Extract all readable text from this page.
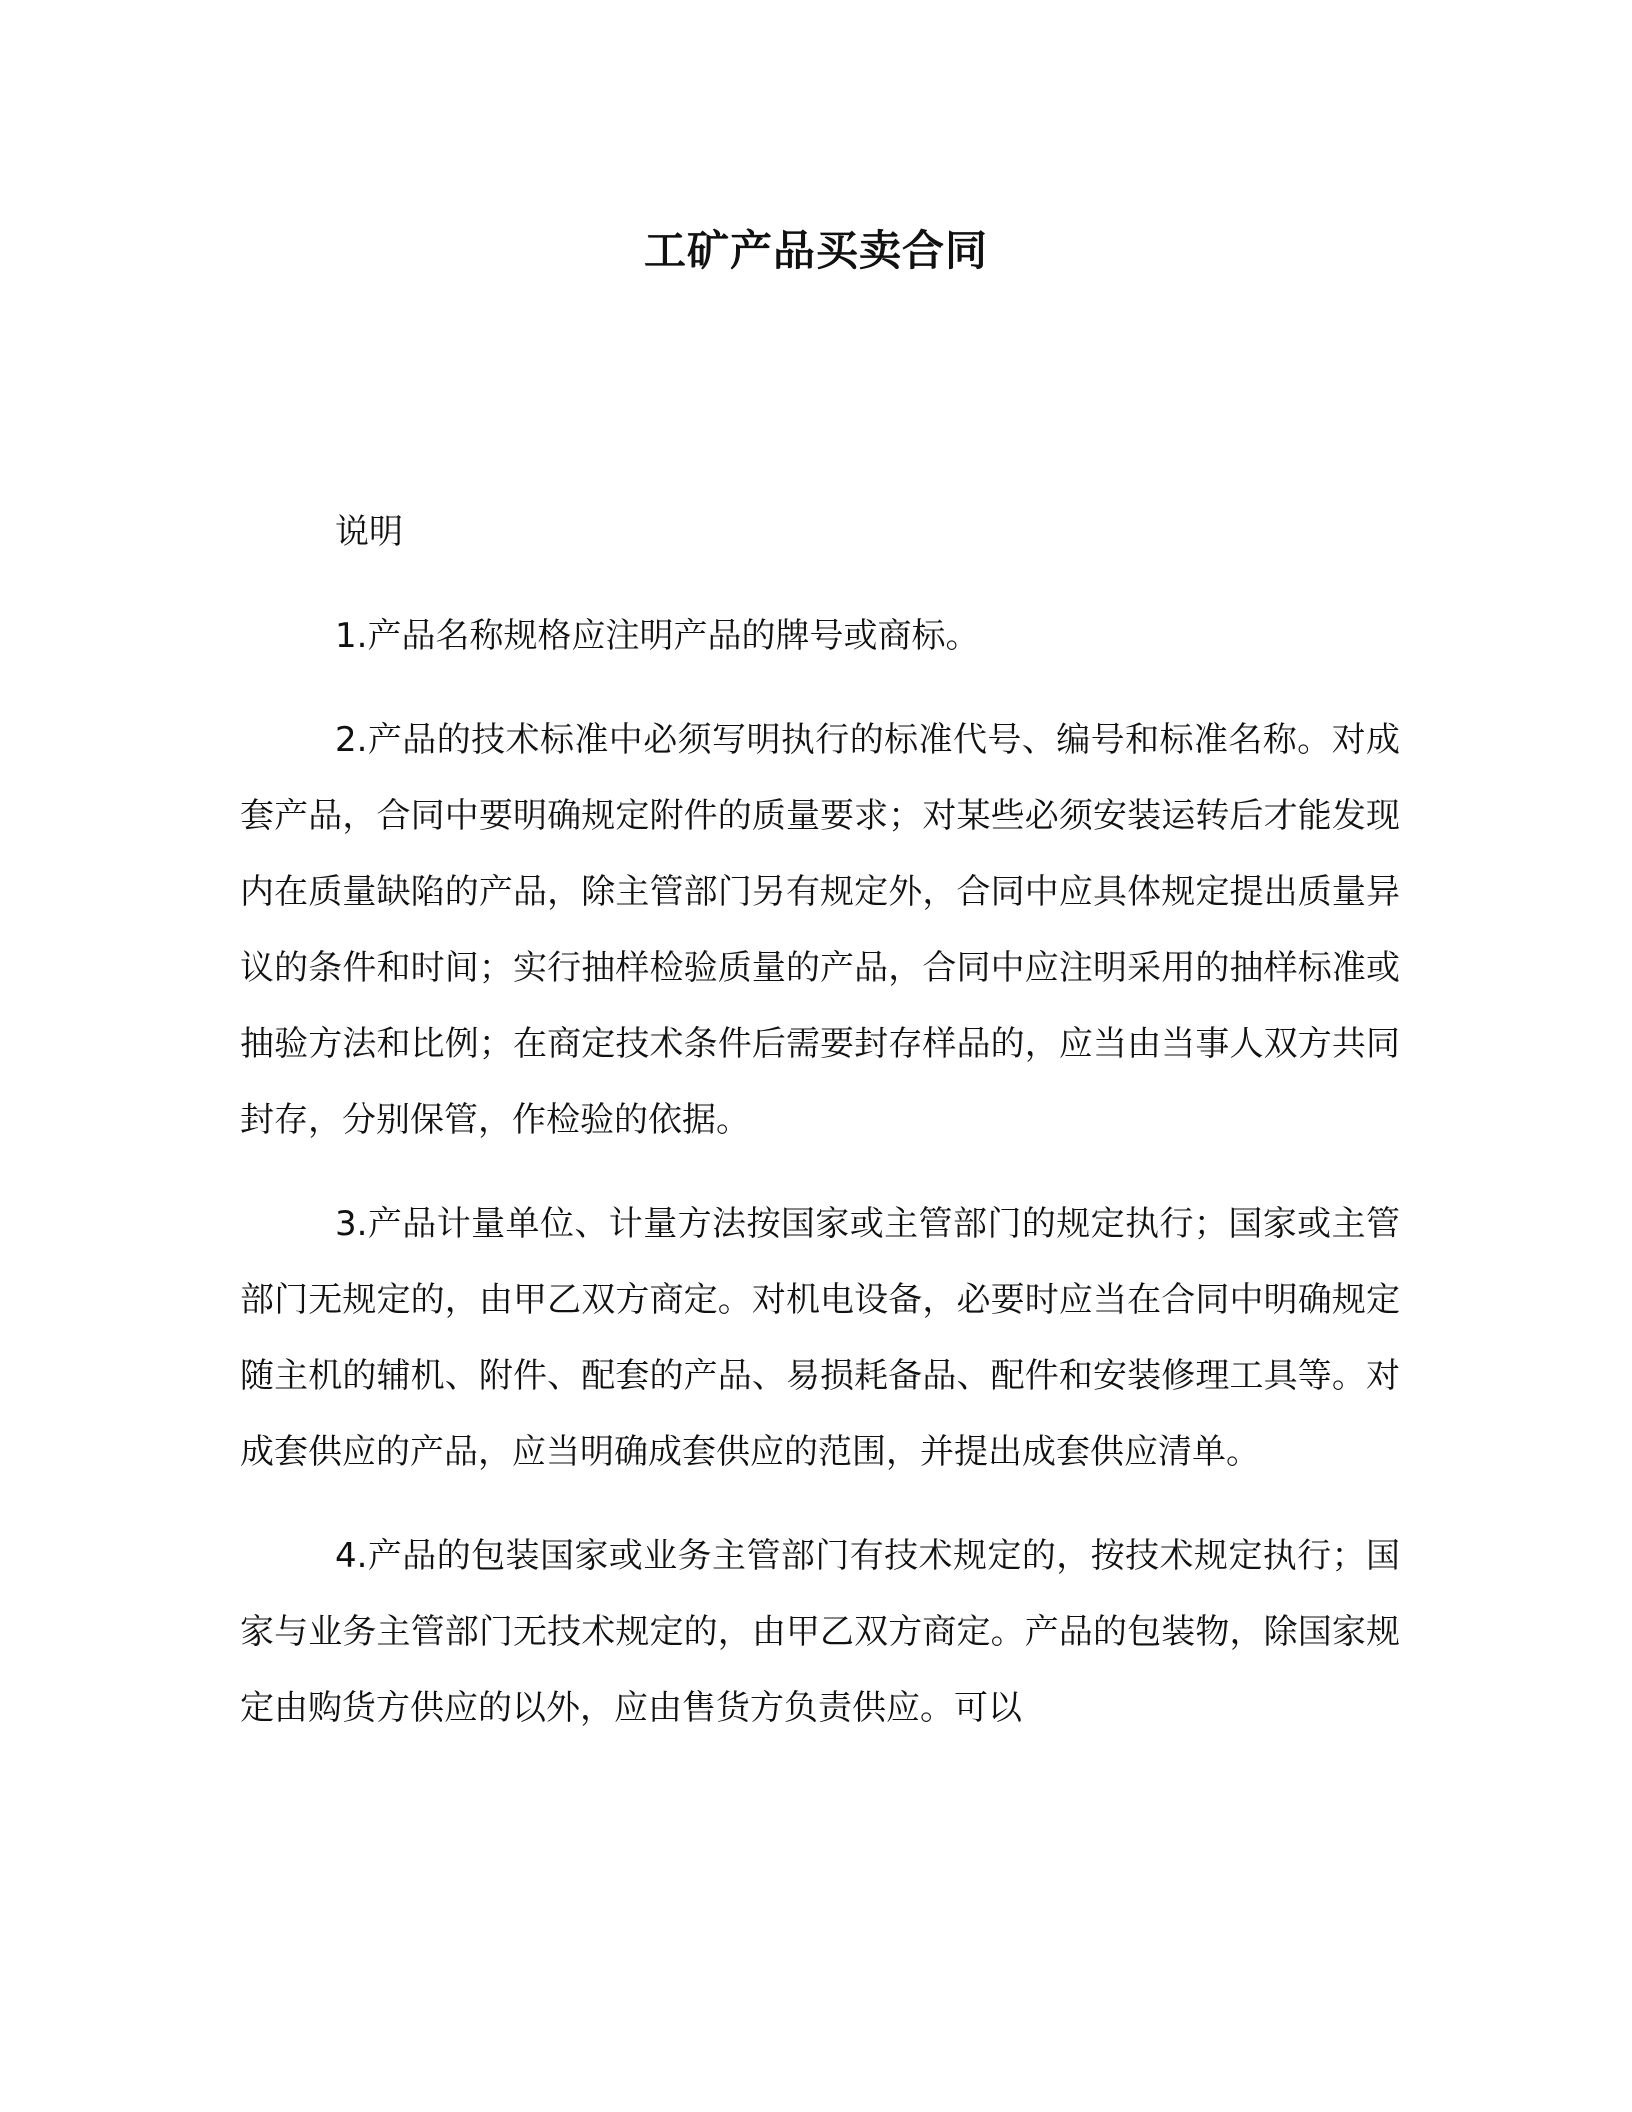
工矿产品买卖合同

说明

1.产品名称规格应注明产品的牌号或商标。

2.产品的技术标准中必须写明执行的标准代号、编号和标准名称。对成套产品，合同中要明确规定附件的质量要求；对某些必须安装运转后才能发现内在质量缺陷的产品，除主管部门另有规定外，合同中应具体规定提出质量异议的条件和时间；实行抽样检验质量的产品，合同中应注明采用的抽样标准或抽验方法和比例；在商定技术条件后需要封存样品的，应当由当事人双方共同封存，分别保管，作检验的依据。

3.产品计量单位、计量方法按国家或主管部门的规定执行；国家或主管部门无规定的，由甲乙双方商定。对机电设备，必要时应当在合同中明确规定随主机的辅机、附件、配套的产品、易损耗备品、配件和安装修理工具等。对成套供应的产品，应当明确成套供应的范围，并提出成套供应清单。

4.产品的包装国家或业务主管部门有技术规定的，按技术规定执行；国家与业务主管部门无技术规定的，由甲乙双方商定。产品的包装物，除国家规定由购货方供应的以外，应由售货方负责供应。可以
